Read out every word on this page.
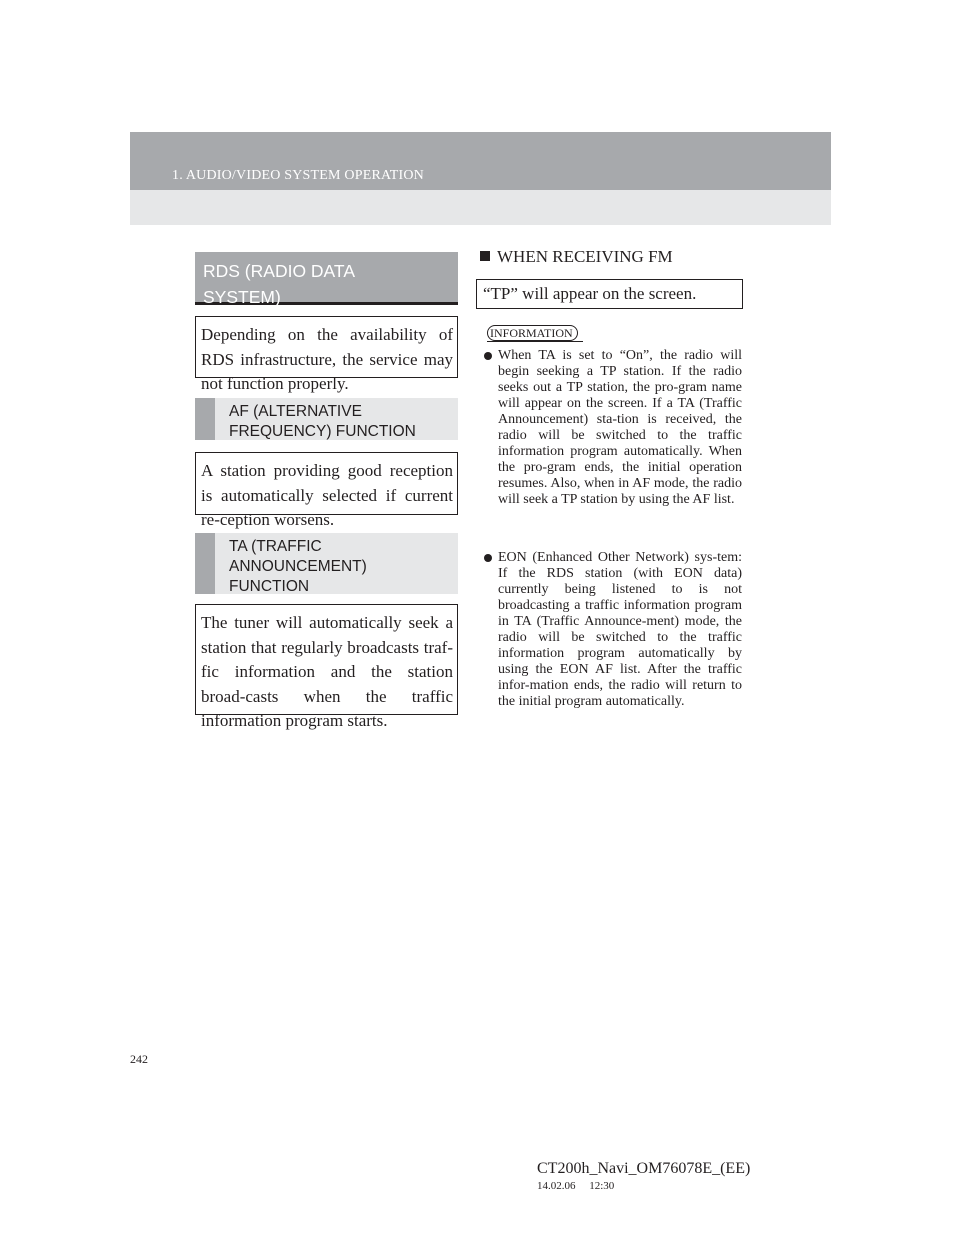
1. AUDIO/VIDEO SYSTEM OPERATION
RDS (RADIO DATA SYSTEM)
Depending on the availability of RDS infrastructure, the service may not function properly.
AF (ALTERNATIVE FREQUENCY) FUNCTION
A station providing good reception is automatically selected if current re-ception worsens.
TA (TRAFFIC ANNOUNCEMENT) FUNCTION
The tuner will automatically seek a station that regularly broadcasts traf-fic information and the station broad-casts when the traffic information program starts.
WHEN RECEIVING FM
“TP” will appear on the screen.
INFORMATION
When TA is set to “On”, the radio will begin seeking a TP station. If the radio seeks out a TP station, the pro-gram name will appear on the screen. If a TA (Traffic Announcement) sta-tion is received, the radio will be switched to the traffic information program automatically. When the pro-gram ends, the initial operation resumes. Also, when in AF mode, the radio will seek a TP station by using the AF list.
EON (Enhanced Other Network) sys-tem: If the RDS station (with EON data) currently being listened to is not broadcasting a traffic information program in TA (Traffic Announce-ment) mode, the radio will be switched to the traffic information program automatically by using the EON AF list. After the traffic infor-mation ends, the radio will return to the initial program automatically.
242
CT200h_Navi_OM76078E_(EE)
14.02.06     12:30
